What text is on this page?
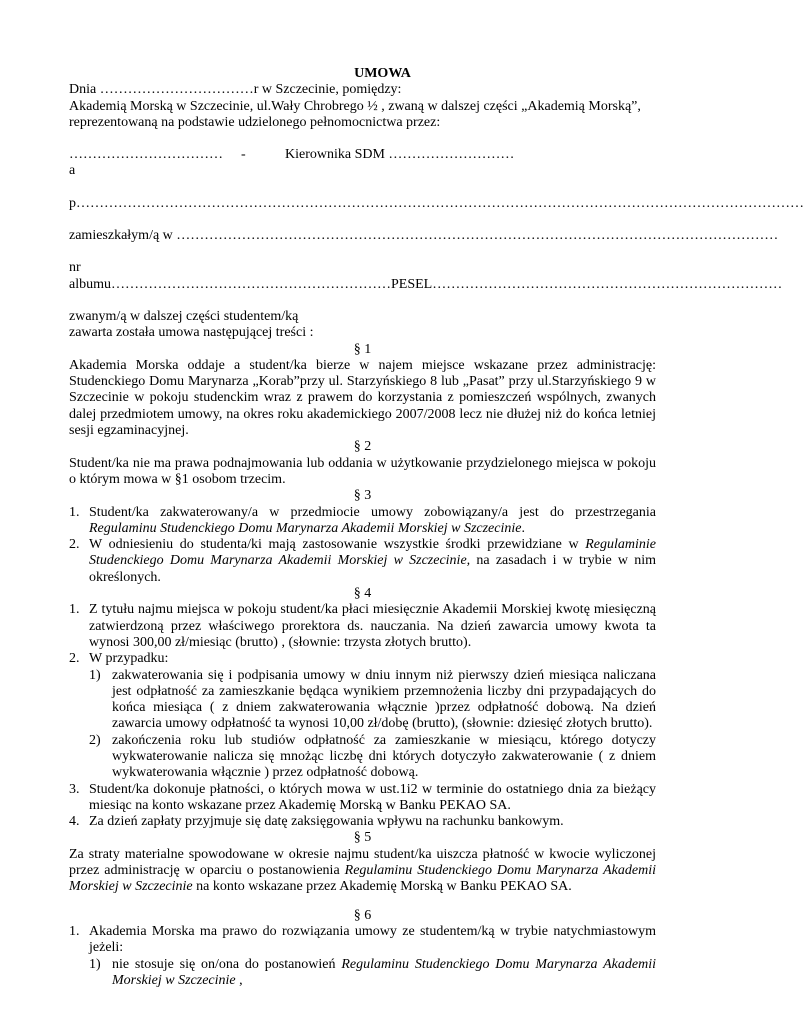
UMOWA

Dnia ……………………………r w Szczecinie, pomiędzy:

Akademią Morską w Szczecinie, ul.Wały Chrobrego ½ , zwaną w dalszej części „Akademią Morską”,

reprezentowaną na podstawie udzielonego pełnomocnictwa przez:

…………………………… -	Kierownika SDM ………………………

a

p…………………………………………………………………………………………………………………………………………

zamieszkałym/ą w …………………………………………………………………………………………………………………

nr

albumu……………………………………………………PESEL…………………………………………………………………

zwanym/ą w dalszej części studentem/ką

zawarta została umowa następującej treści :

§ 1

Akademia Morska oddaje a student/ka bierze w najem miejsce wskazane przez administrację: Studenckiego Domu Marynarza „Korab”przy ul. Starzyńskiego 8 lub „Pasat” przy ul.Starzyńskiego 9 w Szczecinie w pokoju studenckim wraz z prawem do korzystania z pomieszczeń wspólnych, zwanych dalej przedmiotem umowy, na okres roku akademickiego 2007/2008 lecz nie dłużej niż do końca letniej sesji egzaminacyjnej.

§ 2

Student/ka nie ma prawa podnajmowania lub oddania w użytkowanie przydzielonego miejsca w pokoju o którym mowa w §1 osobom trzecim.

§ 3

1. Student/ka zakwaterowany/a w przedmiocie umowy zobowiązany/a jest do przestrzegania Regulaminu Studenckiego Domu Marynarza Akademii Morskiej w Szczecinie.
2. W odniesieniu do studenta/ki mają zastosowanie wszystkie środki przewidziane w Regulaminie Studenckiego Domu Marynarza Akademii Morskiej w Szczecinie, na zasadach i w trybie w nim określonych.

§ 4

1. Z tytułu najmu miejsca w pokoju student/ka płaci miesięcznie Akademii Morskiej kwotę miesięczną zatwierdzoną przez właściwego prorektora ds. nauczania. Na dzień zawarcia umowy kwota ta wynosi 300,00 zł/miesiąc (brutto) , (słownie: trzysta złotych brutto).
2. W przypadku:
1) zakwaterowania się i podpisania umowy w dniu innym niż pierwszy dzień miesiąca naliczana jest odpłatność za zamieszkanie będąca wynikiem przemnożenia liczby dni przypadających do końca miesiąca ( z dniem zakwaterowania włącznie )przez odpłatność dobową. Na dzień zawarcia umowy odpłatność ta wynosi 10,00 zł/dobę (brutto), (słownie: dziesięć złotych brutto).
2) zakończenia roku lub studiów odpłatność za zamieszkanie w miesiącu, którego dotyczy wykwaterowanie nalicza się mnożąc liczbę dni których dotyczyło zakwaterowanie ( z dniem wykwaterowania włącznie ) przez odpłatność dobową.
3. Student/ka dokonuje płatności, o których mowa w ust.1i2 w terminie do ostatniego dnia za bieżący miesiąc na konto wskazane przez Akademię Morską w Banku PEKAO SA.
4. Za dzień zapłaty przyjmuje się datę zaksięgowania wpływu na rachunku bankowym.

§ 5

Za straty materialne spowodowane w okresie najmu student/ka uiszcza płatność w kwocie wyliczonej przez administrację w oparciu o postanowienia Regulaminu Studenckiego Domu Marynarza Akademii Morskiej w Szczecinie na konto wskazane przez Akademię Morską w Banku PEKAO SA.

§ 6

1. Akademia Morska ma prawo do rozwiązania umowy ze studentem/ką w trybie natychmiastowym jeżeli:
1) nie stosuje się on/ona do postanowień Regulaminu Studenckiego Domu Marynarza Akademii Morskiej w Szczecinie ,
